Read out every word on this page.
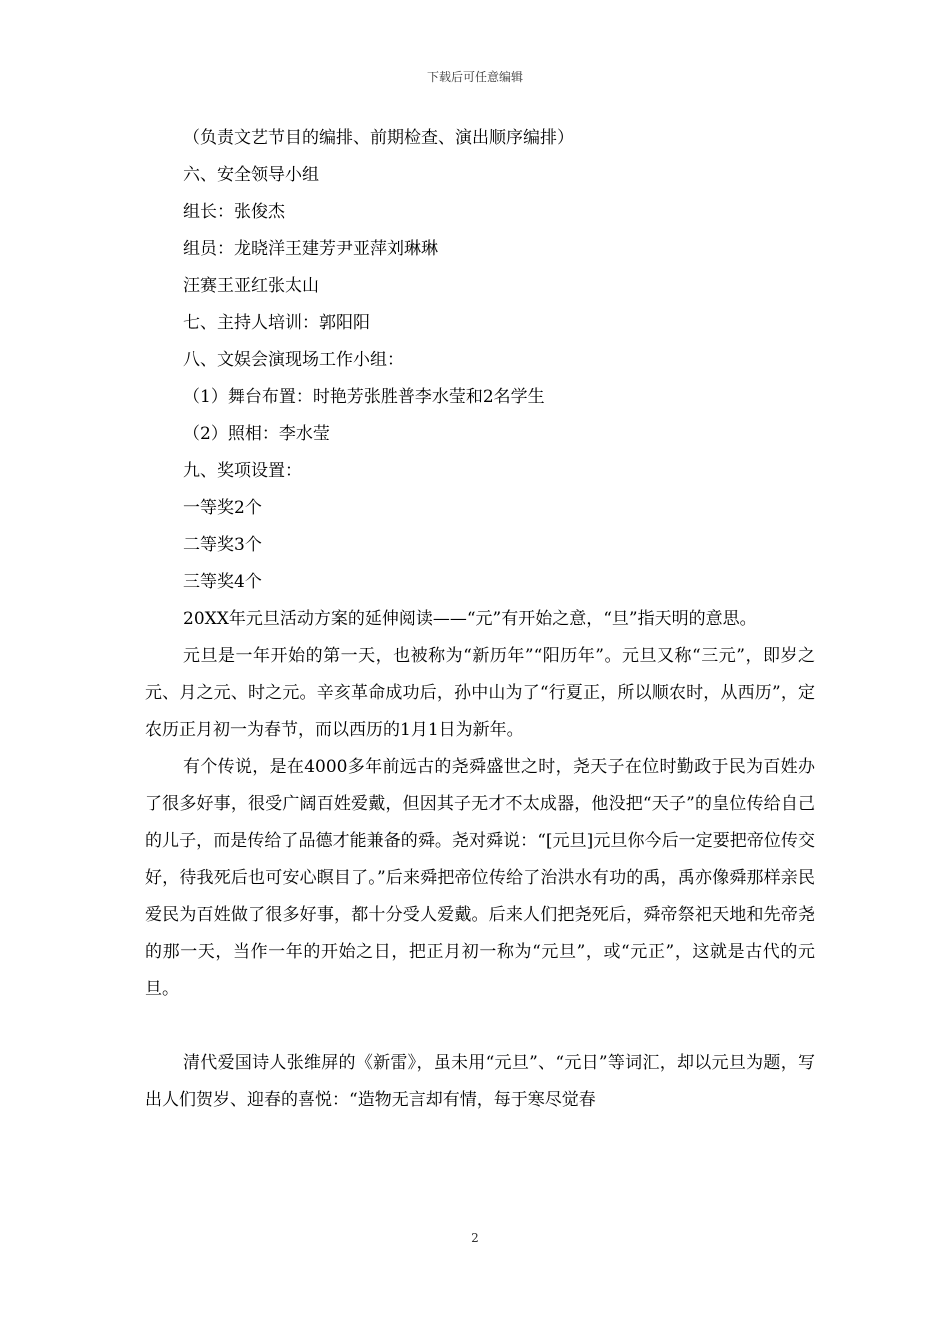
下载后可任意编辑
（负责文艺节目的编排、前期检查、演出顺序编排）
六、安全领导小组
组长：张俊杰
组员：龙晓洋王建芳尹亚萍刘琳琳
汪赛王亚红张太山
七、主持人培训：郭阳阳
八、文娱会演现场工作小组：
（1）舞台布置：时艳芳张胜普李水莹和2名学生
（2）照相：李水莹
九、奖项设置：
一等奖2个
二等奖3个
三等奖4个
20XX年元旦活动方案的延伸阅读——“元”有开始之意，“旦”指天明的意思。
元旦是一年开始的第一天，也被称为“新历年”“阳历年”。元旦又称“三元”，即岁之元、月之元、时之元。辛亥革命成功后，孙中山为了“行夏正，所以顺农时，从西历”，定农历正月初一为春节，而以西历的1月1日为新年。
有个传说，是在4000多年前远古的尧舜盛世之时，尧天子在位时勤政于民为百姓办了很多好事，很受广阔百姓爱戴，但因其子无才不太成器，他没把“天子”的皇位传给自己的儿子，而是传给了品德才能兼备的舜。尧对舜说：“[元旦]元旦你今后一定要把帝位传交好，待我死后也可安心瞑目了。”后来舜把帝位传给了治洪水有功的禹，禹亦像舜那样亲民爱民为百姓做了很多好事，都十分受人爱戴。后来人们把尧死后，舜帝祭祀天地和先帝尧的那一天，当作一年的开始之日，把正月初一称为“元旦”，或“元正”，这就是古代的元旦。
清代爱国诗人张维屏的《新雷》，虽未用“元旦”、“元日”等词汇，却以元旦为题，写出人们贺岁、迎春的喜悦：“造物无言却有情，每于寒尽觉春
2
